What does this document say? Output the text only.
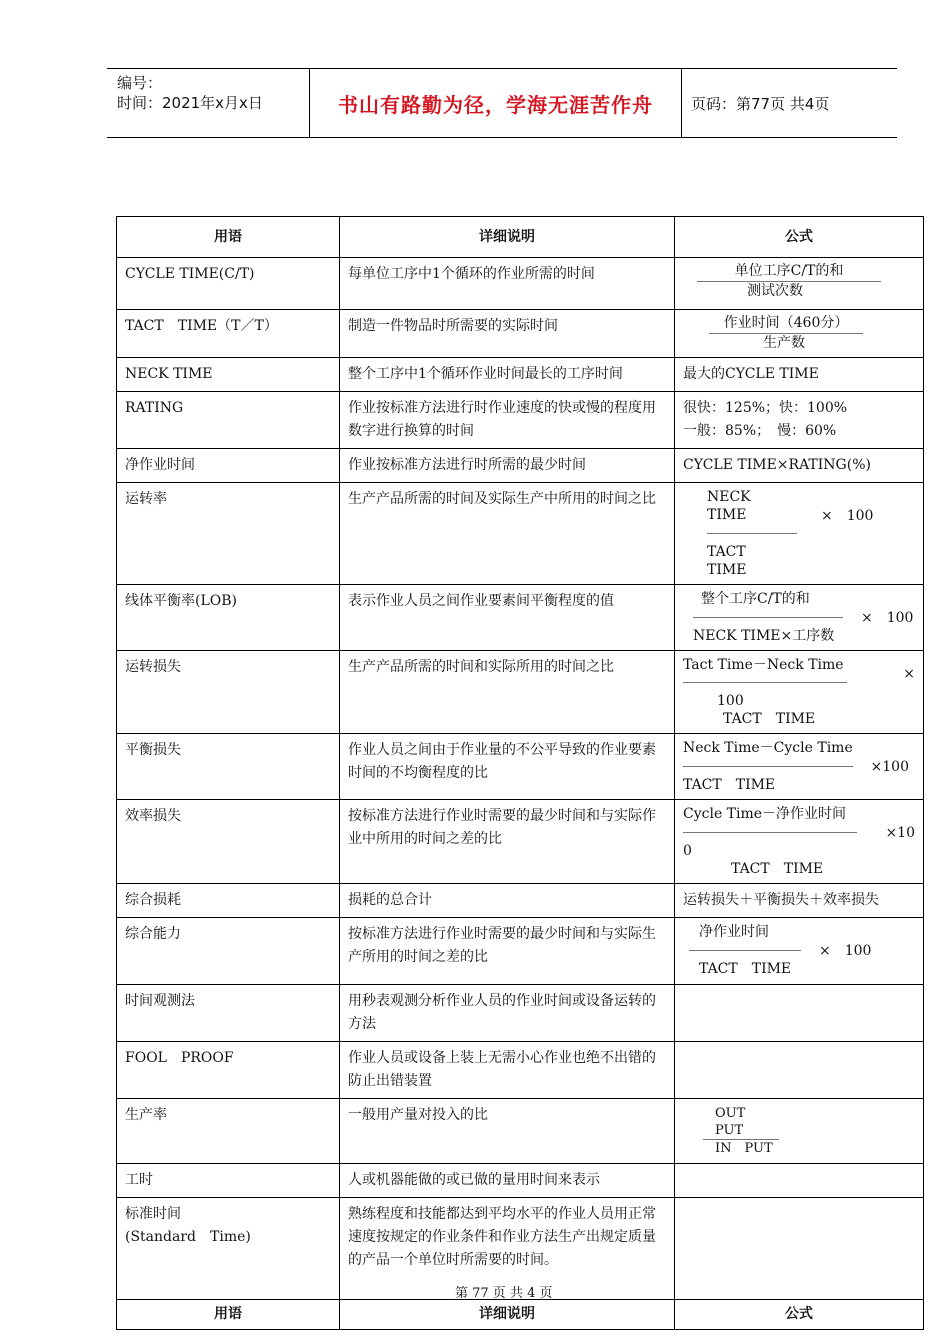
编号：
时间：2021年x月x日	书山有路勤为径，学海无涯苦作舟	页码：第77页 共4页
用语	详细说明	公式
CYCLE TIME(C/T)	每单位工序中1个循环的作业所需的时间	单位工序C/T的和
测试次数

TACT　TIME（T／T）	制造一件物品时所需要的实际时间	作业时间（460分）
生产数

NECK TIME	整个工序中1个循环作业时间最长的工序时间	最大的CYCLE TIME
RATING	作业按标准方法进行时作业速度的快或慢的程度用数字进行换算的时间	很快：125%；快：100%
一般：85%；　慢：60%

净作业时间	作业按标准方法进行时所需的最少时间	CYCLE TIME×RATING(%)
运转率	生产产品所需的时间及实际生产中所用的时间之比	NECK　TIME
TACT　TIME
×　100

线体平衡率(LOB)	表示作业人员之间作业要素间平衡程度的值	整个工序C/T的和
NECK TIME×工序数
×　100

运转损失	生产产品所需的时间和实际所用的时间之比	Tact Time－Neck Time
×
100
TACT　TIME

平衡损失	作业人员之间由于作业量的不公平导致的作业要素时间的不均衡程度的比	Neck Time－Cycle Time
TACT　TIME
×100

效率损失	按标准方法进行作业时需要的最少时间和与实际作业中所用的时间之差的比	Cycle Time－净作业时间
×10
0
TACT　TIME

综合损耗	损耗的总合计	运转损失＋平衡损失＋效率损失
综合能力	按标准方法进行作业时需要的最少时间和与实际生产所用的时间之差的比	净作业时间
TACT　TIME
×　100

时间观测法	用秒表观测分析作业人员的作业时间或设备运转的方法	
FOOL　PROOF	作业人员或设备上装上无需小心作业也绝不出错的防止出错装置	
生产率	一般用产量对投入的比	OUT　PUT
IN　PUT

工时	人或机器能做的或已做的量用时间来表示	

标准时间
(Standard　Time)	熟练程度和技能都达到平均水平的作业人员用正常速度按规定的作业条件和作业方法生产出规定质量的产品一个单位时所需要的时间。	
用语	详细说明	公式
第 77 页 共 4 页
